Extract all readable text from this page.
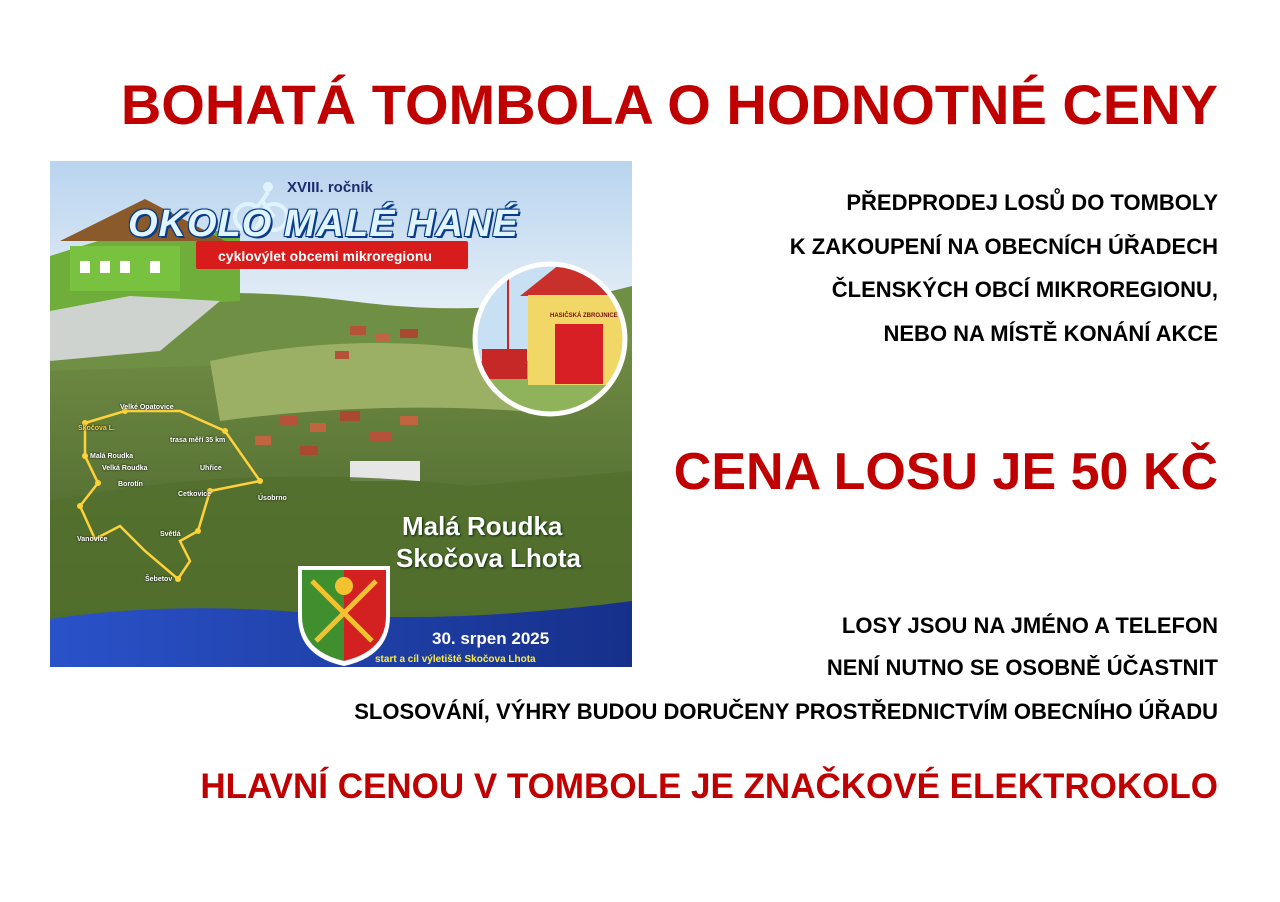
BOHATÁ TOMBOLA O HODNOTNÉ CENY
XVIII. ročník
OKOLO MALÉ HANÉ
cyklovýlet obcemi mikroregionu
HASIČSKÁ ZBROJNICE
Velké Opatovice
Skočova L.
trasa měří 35 km
Malá Roudka
Velká Roudka
Borotín
Uhřice
Cetkovice
Úsobrno
Vanovice
Světlá
Šebetov
Malá Roudka
Skočova Lhota
30. srpen 2025
start a cíl výletiště Skočova Lhota
PŘEDPRODEJ LOSŮ DO TOMBOLY
K ZAKOUPENÍ NA OBECNÍCH ÚŘADECH
ČLENSKÝCH OBCÍ MIKROREGIONU,
NEBO NA MÍSTĚ KONÁNÍ AKCE
CENA LOSU JE 50 KČ
LOSY JSOU NA JMÉNO A TELEFON
NENÍ NUTNO SE OSOBNĚ ÚČASTNIT
SLOSOVÁNÍ, VÝHRY BUDOU DORUČENY PROSTŘEDNICTVÍM OBECNÍHO ÚŘADU
HLAVNÍ CENOU V TOMBOLE JE ZNAČKOVÉ ELEKTROKOLO
